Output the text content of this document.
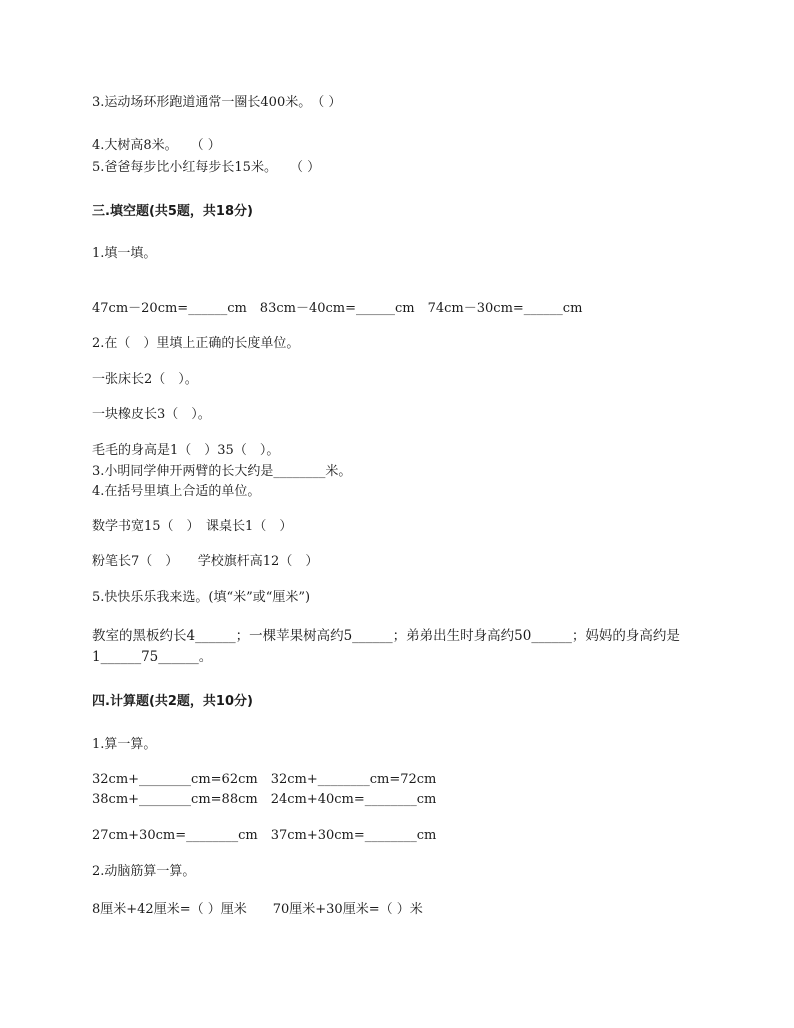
3.运动场环形跑道通常一圈长400米。　（ ）
4.大树高8米。　　（ ）
5.爸爸每步比小红每步长15米。　　（ ）
三.填空题(共5题，共18分)
1.填一填。
47cm－20cm=______cm　83cm－40cm=______cm　74cm－30cm=______cm
2.在（　）里填上正确的长度单位。
一张床长2（　）。
一块橡皮长3（　）。
毛毛的身高是1（　）35（　）。
3.小明同学伸开两臂的长大约是________米。
4.在括号里填上合适的单位。
数学书宽15（　）　课桌长1（　）
粉笔长7（　）　　学校旗杆高12（　）
5.快快乐乐我来选。(填“米”或“厘米”)
教室的黑板约长4______；一棵苹果树高约5______；弟弟出生时身高约50______；妈妈的身高约是1______75______。
四.计算题(共2题，共10分)
1.算一算。
32cm+________cm=62cm　32cm+________cm=72cm
38cm+________cm=88cm　24cm+40cm=________cm
27cm+30cm=________cm　37cm+30cm=________cm
2.动脑筋算一算。
8厘米+42厘米=（ ）厘米　　70厘米+30厘米=（ ）米
